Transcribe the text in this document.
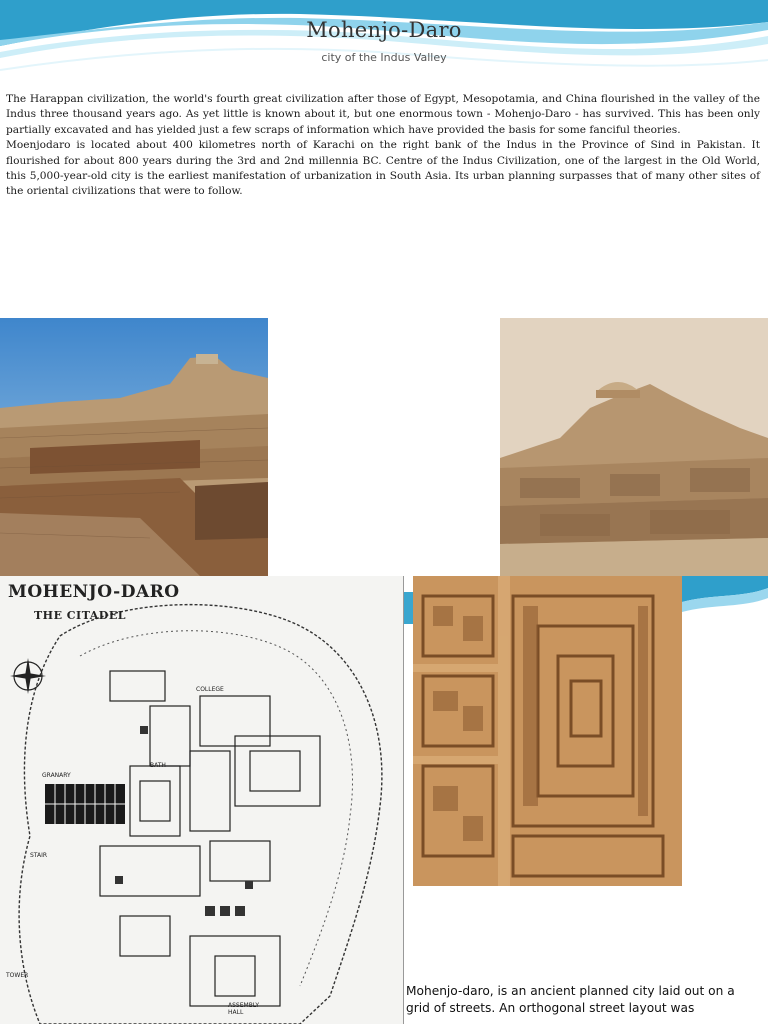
Mohenjo-Daro
city of the Indus Valley

The Harappan civilization, the world's fourth great civilization after those of Egypt, Mesopotamia, and China flourished in the valley of the Indus three thousand years ago. As yet little is known about it, but one enormous town - Mohenjo-Daro - has survived. This has been only partially excavated and has yielded just a few scraps of information which have provided the basis for some fanciful theories.

Moenjodaro is located about 400 kilometres north of Karachi on the right bank of the Indus in the Province of Sind in Pakistan. It flourished for about 800 years during the 3rd and 2nd millennia BC. Centre of the Indus Civilization, one of the largest in the Old World, this 5,000-year-old city is the earliest manifestation of urbanization in South Asia. Its urban planning surpasses that of many other sites of the oriental civilizations that were to follow.

MOHENJO-DARO
THE CITADEL
COLLEGE
BATH
GRANARY
STAIR
TOWER
ASSEMBLY HALL

Mohenjo-daro, is an ancient planned city laid out on a grid of streets. An orthogonal street layout was
